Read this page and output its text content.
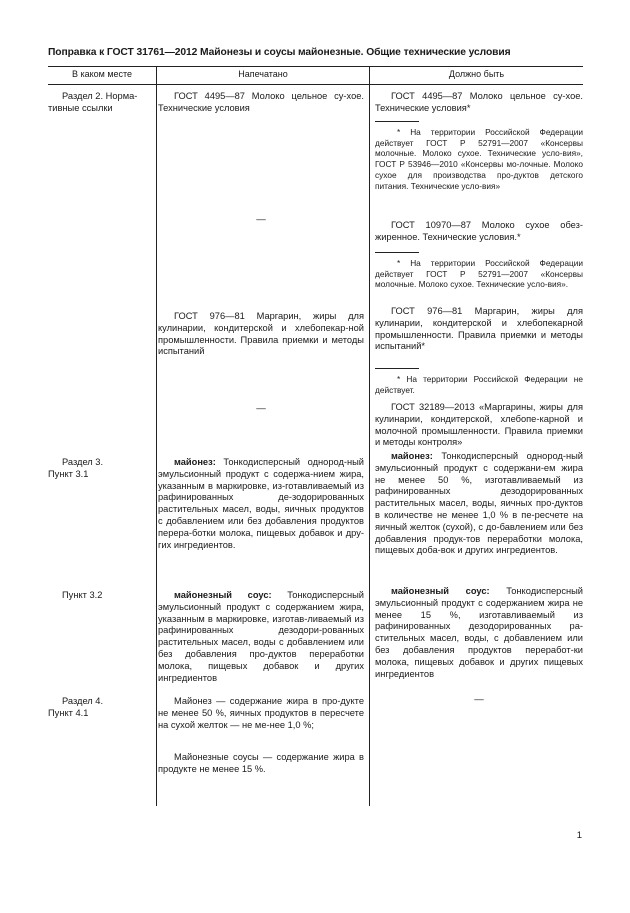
Поправка к ГОСТ 31761—2012 Майонезы и соусы майонезные. Общие технические условия
В каком месте	Напечатано	Должно быть
Раздел 2. Норма-тивные ссылки
Раздел 3.
Пункт 3.1
Пункт 3.2
Раздел 4.
Пункт 4.1
ГОСТ 4495—87 Молоко цельное су-хое. Технические условия
—
ГОСТ 976—81 Маргарин, жиры для кулинарии, кондитерской и хлебопекар-ной промышленности. Правила приемки и методы испытаний
—
майонез: Тонкодисперсный однород-ный эмульсионный продукт с содержа-нием жира, указанным в маркировке, из-готавливаемый из рафинированных де-зодорированных растительных масел, воды, яичных продуктов с добавлением или без добавления продуктов перера-ботки молока, пищевых добавок и дру-гих ингредиентов.
майонезный соус: Тонкодисперсный эмульсионный продукт с содержанием жира, указанным в маркировке, изготав-ливаемый из рафинированных дезодори-рованных растительных масел, воды с добавлением или без добавления про-дуктов переработки молока, пищевых добавок и других ингредиентов
Майонез — содержание жира в про-дукте не менее 50 %, яичных продуктов в пересчете на сухой желток — не ме-нее 1,0 %;
Майонезные соусы — содержание жира в продукте не менее 15 %.
ГОСТ 4495—87 Молоко цельное су-хое. Технические условия*
* На территории Российской Федерации действует ГОСТ Р 52791—2007 «Консервы молочные. Молоко сухое. Технические усло-вия», ГОСТ Р 53946—2010 «Консервы мо-лочные. Молоко сухое для производства про-дуктов детского питания. Технические усло-вия»
ГОСТ 10970—87 Молоко сухое обез-жиренное. Технические условия.*
* На территории Российской Федерации действует ГОСТ Р 52791—2007 «Консервы молочные. Молоко сухое. Технические усло-вия».
ГОСТ 976—81 Маргарин, жиры для кулинарии, кондитерской и хлебопекарной промышленности. Правила приемки и методы испытаний*
* На территории Российской Федерации не действует.
ГОСТ 32189—2013 «Маргарины, жиры для кулинарии, кондитерской, хлебопе-карной и молочной промышленности. Правила приемки и методы контроля»
майонез: Тонкодисперсный однород-ный эмульсионный продукт с содержани-ем жира не менее 50 %, изготавливаемый из рафинированных дезодорированных растительных масел, воды, яичных про-дуктов в количестве не менее 1,0 % в пе-ресчете на яичный желток (сухой), с до-бавлением или без добавления продук-тов переработки молока, пищевых доба-вок и других ингредиентов.
майонезный соус: Тонкодисперсный эмульсионный продукт с содержанием жира не менее 15 %, изготавливаемый из рафинированных дезодорированных ра-стительных масел, воды, с добавлением или без добавления продуктов переработ-ки молока, пищевых добавок и других пищевых ингредиентов
—
1
